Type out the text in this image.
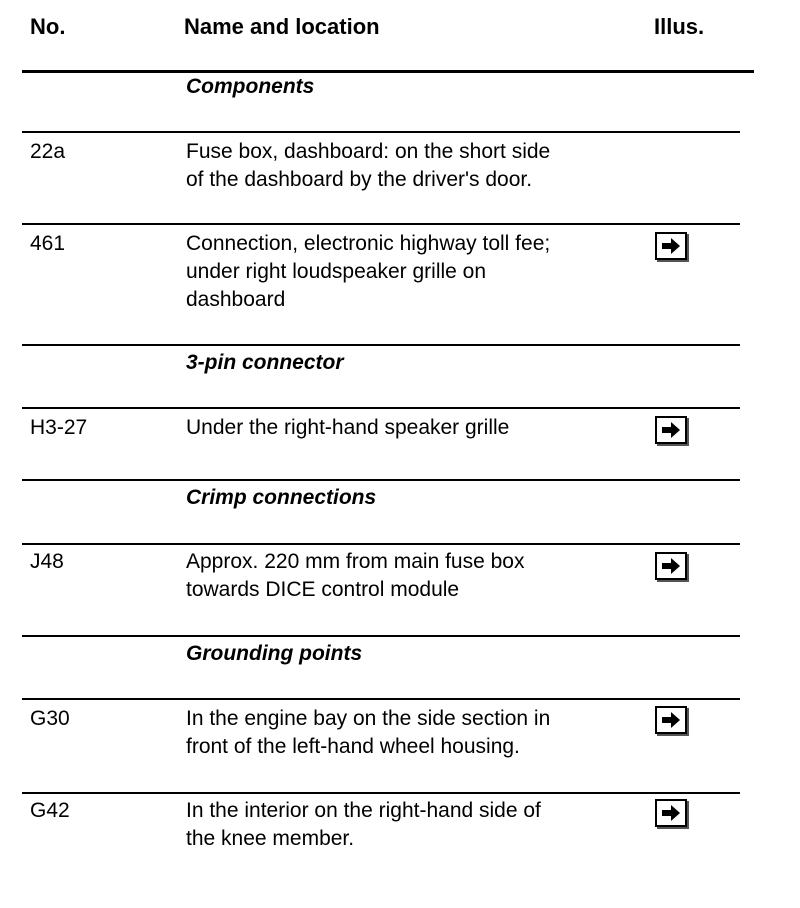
No.	Name and location	Illus.
Components
22a	Fuse box, dashboard: on the short side
of the dashboard by the driver's door.
461	Connection, electronic highway toll fee;
under right loudspeaker grille on
dashboard
3-pin connector
H3-27	Under the right-hand speaker grille
Crimp connections
J48	Approx. 220 mm from main fuse box
towards DICE control module
Grounding points
G30	In the engine bay on the side section in
front of the left-hand wheel housing.
G42	In the interior on the right-hand side of
the knee member.
